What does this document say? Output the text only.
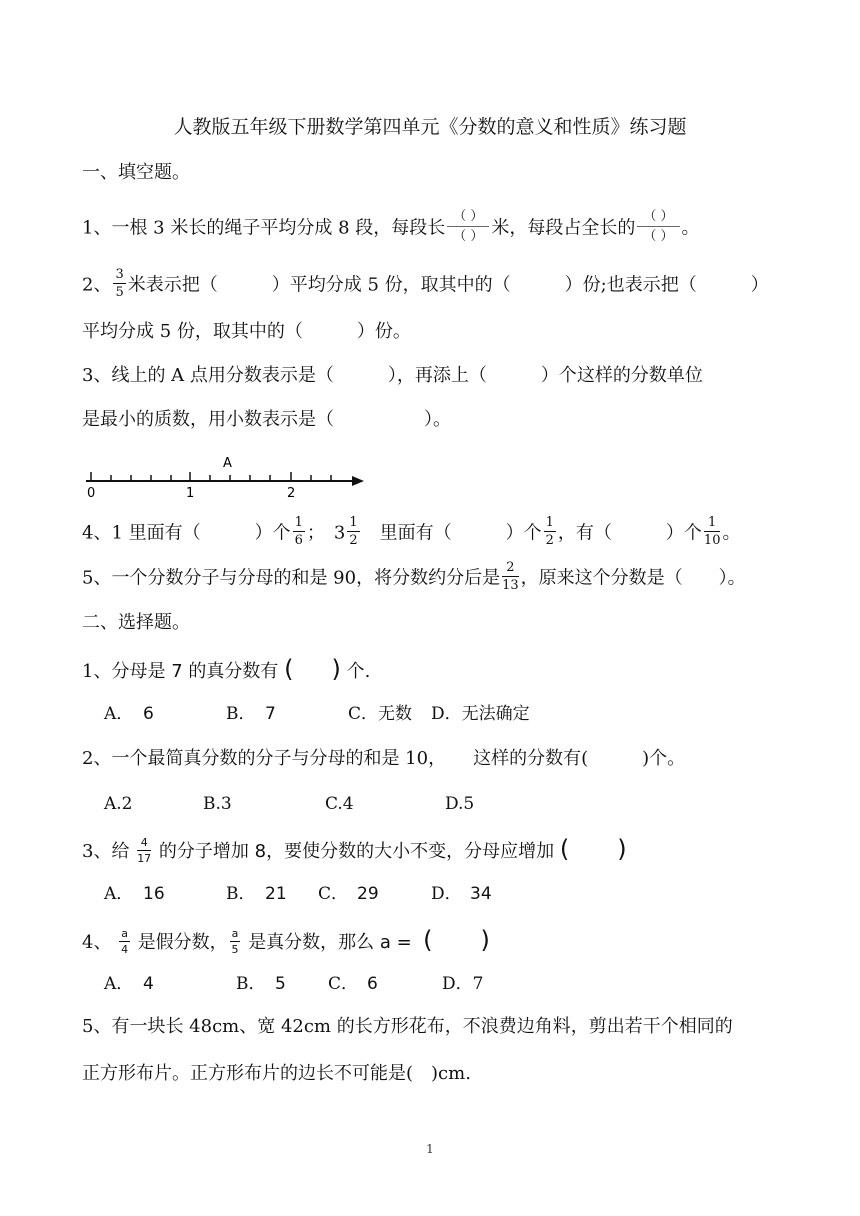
人教版五年级下册数学第四单元《分数的意义和性质》练习题
一、填空题。
1、一根 3 米长的绳子平均分成 8 段，每段长 $\frac{( )}{( )}$ 米，每段占全长的 $\frac{( )}{( )}$ 。
2、 $\frac{3}{5}$ 米表示把（　　　）平均分成 5 份，取其中的（　　　）份;也表示把（　　　）
平均分成 5 份，取其中的（　　　）份。
3、线上的 A 点用分数表示是（　　　），再添上（　　　）个这样的分数单位
是最小的质数，用小数表示是（　　　　　）。
A
0	1	2
4、1 里面有（　　　）个 $\frac{1}{6}$ ；　$3 \frac{1}{2}$ 　里面有（　　　）个 $\frac{1}{2}$ ，有（　　　）个 $\frac{1}{10}$ 。
5、一个分数分子与分母的和是 90，将分数约分后是 $\frac{2}{13}$ ，原来这个分数是（　　）。
二、选择题。
1、分母是 7 的真分数有 ( ) 个.
A． 6	B． 7	C．无数 D．无法确定
2、一个最简真分数的分子与分母的和是 10，　　这样的分数有(　　　)个。
A.2	B.3	C.4	D.5
3、给 $\frac{4}{17}$ 的分子增加 8，要使分数的大小不变，分母应增加 (　　)
A． 16	B． 21 C． 29	D． 34
4、 $\frac{a}{4}$ 是假分数， $\frac{a}{5}$ 是真分数，那么 a = (　　)
A． 4	B． 5 C． 6	D．7
5、有一块长 48cm、宽 42cm 的长方形花布，不浪费边角料，剪出若干个相同的
正方形布片。正方形布片的边长不可能是(　)cm.
1
